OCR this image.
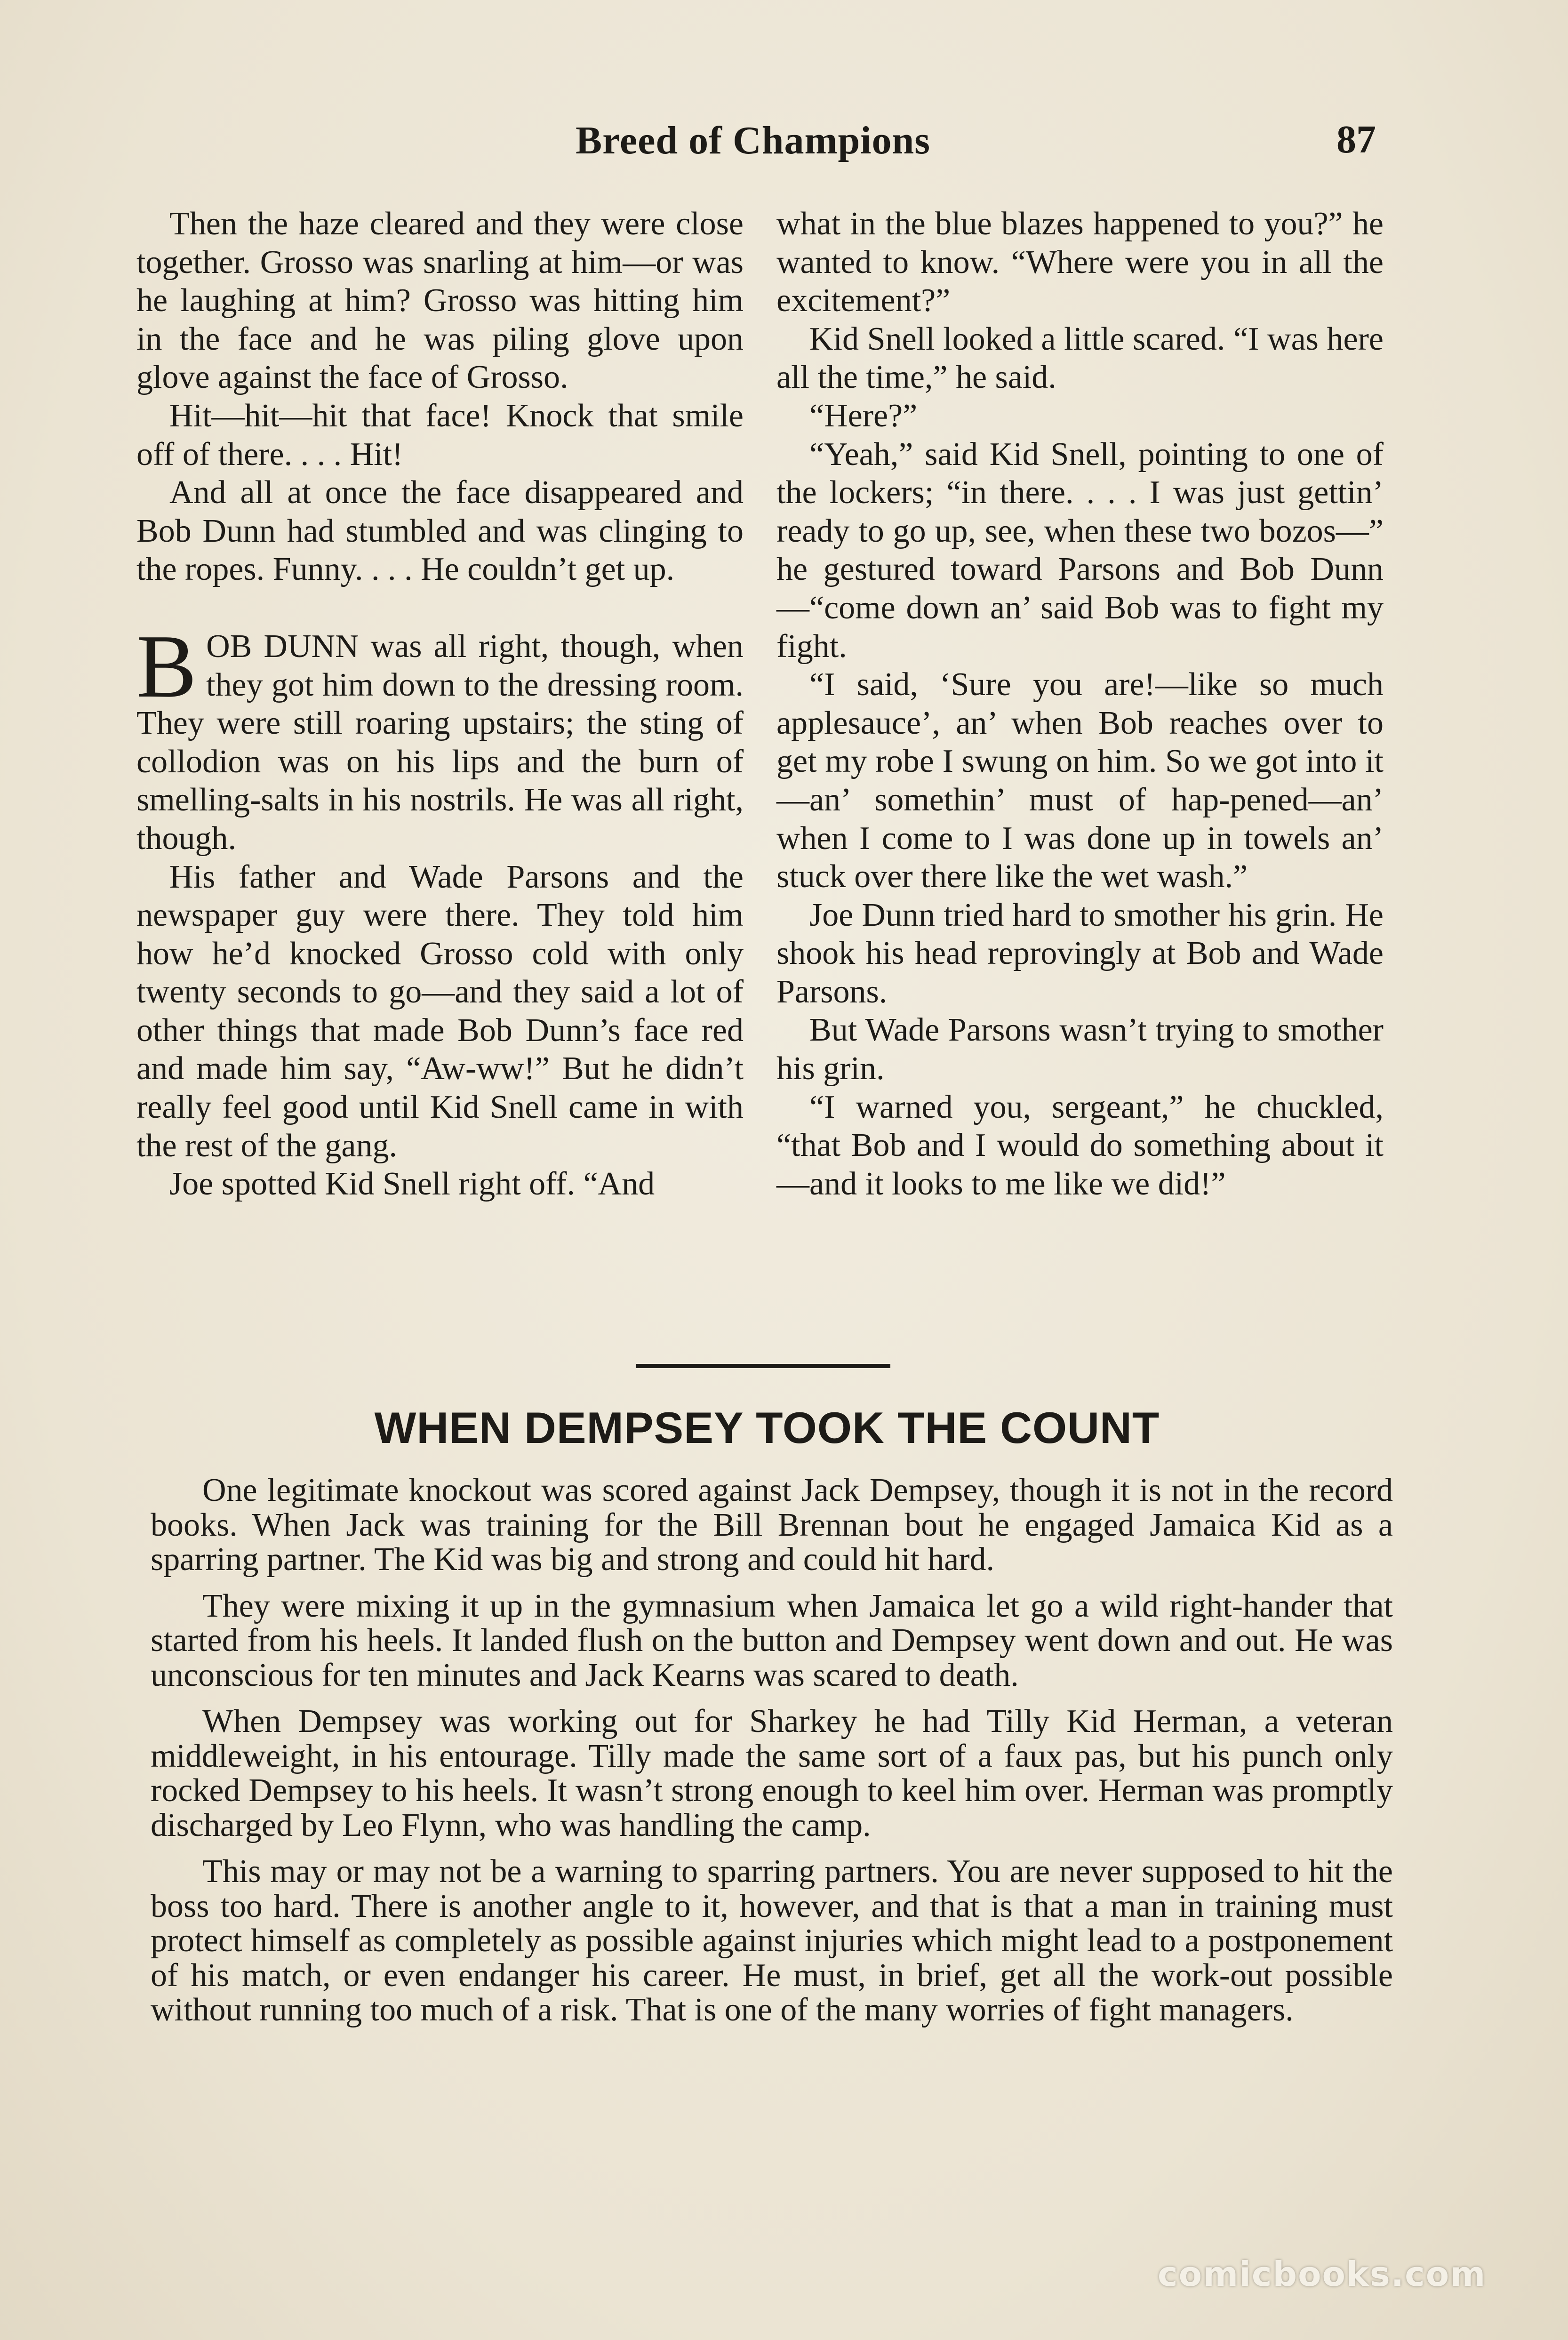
Breed of Champions	87

Then the haze cleared and they were close together. Grosso was snarling at him—or was he laughing at him? Grosso was hitting him in the face and he was piling glove upon glove against the face of Grosso.

Hit—hit—hit that face! Knock that smile off of there. . . . Hit!

And all at once the face disappeared and Bob Dunn had stumbled and was clinging to the ropes. Funny. . . . He couldn’t get up.

BOB DUNN was all right, though, when they got him down to the dressing room. They were still roaring upstairs; the sting of collodion was on his lips and the burn of smelling-salts in his nostrils. He was all right, though.

His father and Wade Parsons and the newspaper guy were there. They told him how he’d knocked Grosso cold with only twenty seconds to go—and they said a lot of other things that made Bob Dunn’s face red and made him say, “Aw-ww!” But he didn’t really feel good until Kid Snell came in with the rest of the gang.

Joe spotted Kid Snell right off. “And

what in the blue blazes happened to you?” he wanted to know. “Where were you in all the excitement?”

Kid Snell looked a little scared. “I was here all the time,” he said.

“Here?”

“Yeah,” said Kid Snell, pointing to one of the lockers; “in there. . . . I was just gettin’ ready to go up, see, when these two bozos—” he gestured toward Parsons and Bob Dunn—“come down an’ said Bob was to fight my fight.

“I said, ‘Sure you are!—like so much applesauce’, an’ when Bob reaches over to get my robe I swung on him. So we got into it—an’ somethin’ must of hap-pened—an’ when I come to I was done up in towels an’ stuck over there like the wet wash.”

Joe Dunn tried hard to smother his grin. He shook his head reprovingly at Bob and Wade Parsons.

But Wade Parsons wasn’t trying to smother his grin.

“I warned you, sergeant,” he chuckled, “that Bob and I would do something about it—and it looks to me like we did!”

WHEN DEMPSEY TOOK THE COUNT

One legitimate knockout was scored against Jack Dempsey, though it is not in the record books. When Jack was training for the Bill Brennan bout he engaged Jamaica Kid as a sparring partner. The Kid was big and strong and could hit hard.

They were mixing it up in the gymnasium when Jamaica let go a wild right-hander that started from his heels. It landed flush on the button and Dempsey went down and out. He was unconscious for ten minutes and Jack Kearns was scared to death.

When Dempsey was working out for Sharkey he had Tilly Kid Herman, a veteran middleweight, in his entourage. Tilly made the same sort of a faux pas, but his punch only rocked Dempsey to his heels. It wasn’t strong enough to keel him over. Herman was promptly discharged by Leo Flynn, who was handling the camp.

This may or may not be a warning to sparring partners. You are never supposed to hit the boss too hard. There is another angle to it, however, and that is that a man in training must protect himself as completely as possible against injuries which might lead to a postponement of his match, or even endanger his career. He must, in brief, get all the work-out possible without running too much of a risk. That is one of the many worries of fight managers.

comicbooks.com
